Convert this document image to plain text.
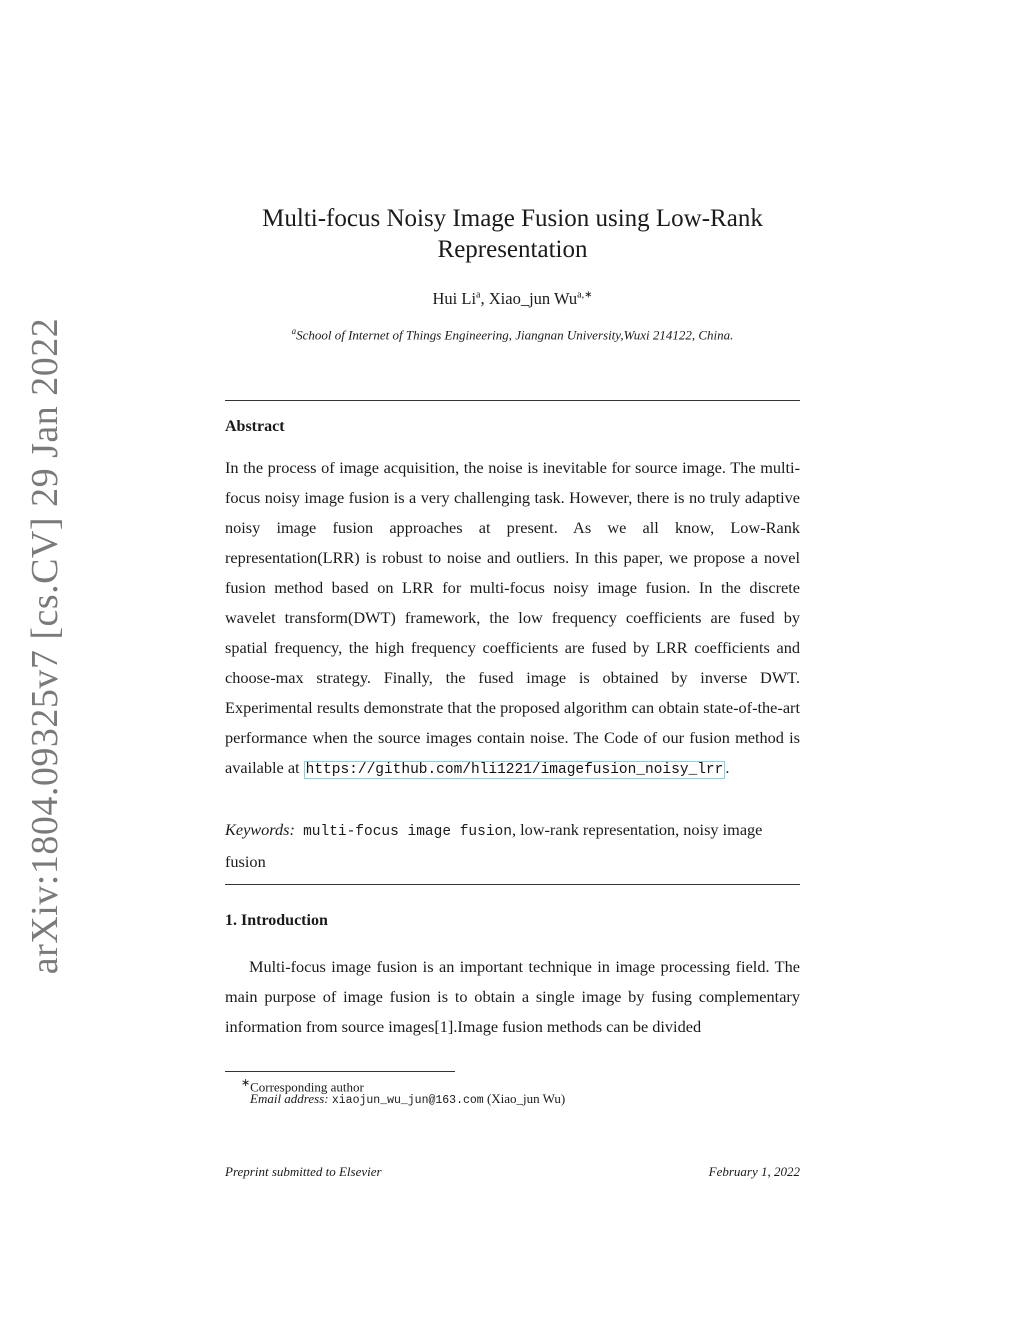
arXiv:1804.09325v7 [cs.CV] 29 Jan 2022
Multi-focus Noisy Image Fusion using Low-Rank
Representation
Hui Li$^a$, Xiao_jun $Wu^{a,∗}$
$^a$School of Internet of Things Engineering, Jiangnan University,Wuxi 214122, China.
Abstract

In the process of image acquisition, the noise is inevitable for source image. The multi-focus noisy image fusion is a very challenging task. However, there is no truly adaptive noisy image fusion approaches at present. As we all know, Low-Rank representation(LRR) is robust to noise and outliers. In this paper, we propose a novel fusion method based on LRR for multi-focus noisy image fusion. In the discrete wavelet transform(DWT) framework, the low frequency coefficients are fused by spatial frequency, the high frequency coefficients are fused by LRR coefficients and choose-max strategy. Finally, the fused image is obtained by inverse DWT. Experimental results demonstrate that the proposed algorithm can obtain state-of-the-art performance when the source images contain noise. The Code of our fusion method is available at https://github.com/hli1221/imagefusion_noisy_lrr .

Keywords: multi-focus image fusion, low-rank representation, noisy image fusion

1. Introduction

Multi-focus image fusion is an important technique in image processing field. The main purpose of image fusion is to obtain a single image by fusing complementary information from source images[1].Image fusion methods can be divided

∗Corresponding author
Email address: xiaojun_wu_jun@163.com (Xiao_jun Wu)
Preprint submitted to Elsevier	February 1, 2022
